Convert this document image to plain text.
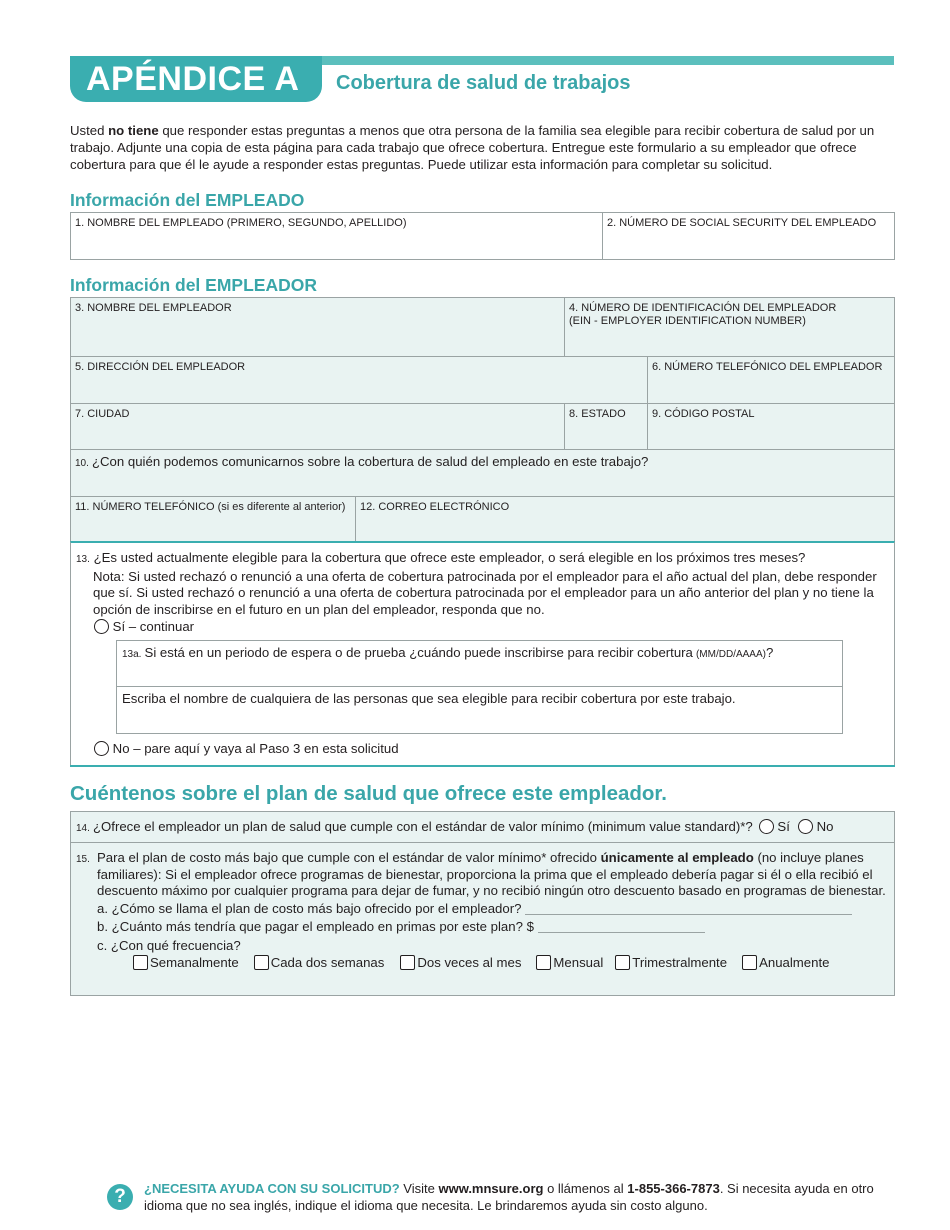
APÉNDICE A Cobertura de salud de trabajos

Usted no tiene que responder estas preguntas a menos que otra persona de la familia sea elegible para recibir cobertura de salud por un trabajo. Adjunte una copia de esta página para cada trabajo que ofrece cobertura. Entregue este formulario a su empleador que ofrece cobertura para que él le ayude a responder estas preguntas. Puede utilizar esta información para completar su solicitud.

Información del EMPLEADO
1. NOMBRE DEL EMPLEADO (PRIMERO, SEGUNDO, APELLIDO)	2. NÚMERO DE SOCIAL SECURITY DEL EMPLEADO
Información del EMPLEADOR
3. NOMBRE DEL EMPLEADOR	4. NÚMERO DE IDENTIFICACIÓN DEL EMPLEADOR
(EIN - EMPLOYER IDENTIFICATION NUMBER)
5. DIRECCIÓN DEL EMPLEADOR	6. NÚMERO TELEFÓNICO DEL EMPLEADOR
7. CIUDAD	8. ESTADO	9. CÓDIGO POSTAL
10. ¿Con quién podemos comunicarnos sobre la cobertura de salud del empleado en este trabajo?
11. NÚMERO TELEFÓNICO (si es diferente al anterior)	12. CORREO ELECTRÓNICO
13. ¿Es usted actualmente elegible para la cobertura que ofrece este empleador, o será elegible en los próximos tres meses?
Nota: Si usted rechazó o renunció a una oferta de cobertura patrocinada por el empleador para el año actual del plan, debe responder que sí. Si usted rechazó o renunció a una oferta de cobertura patrocinada por el empleador para un año anterior del plan y no tiene la opción de inscribirse en el futuro en un plan del empleador, responda que no.
Sí – continuar
13a. Si está en un periodo de espera o de prueba ¿cuándo puede inscribirse para recibir cobertura (MM/DD/AAAA)?
Escriba el nombre de cualquiera de las personas que sea elegible para recibir cobertura por este trabajo.
No – pare aquí y vaya al Paso 3 en esta solicitud
Cuéntenos sobre el plan de salud que ofrece este empleador.
14. ¿Ofrece el empleador un plan de salud que cumple con el estándar de valor mínimo (minimum value standard)*? Sí No
15. Para el plan de costo más bajo que cumple con el estándar de valor mínimo* ofrecido únicamente al empleado (no incluye planes familiares): Si el empleador ofrece programas de bienestar, proporciona la prima que el empleado debería pagar si él o ella recibió el descuento máximo por cualquier programa para dejar de fumar, y no recibió ningún otro descuento basado en programas de bienestar.
a. ¿Cómo se llama el plan de costo más bajo ofrecido por el empleador?
b. ¿Cuánto más tendría que pagar el empleado en primas por este plan? $
c. ¿Con qué frecuencia?
Semanalmente Cada dos semanas	Dos veces al mes Mensual Trimestralmente Anualmente
?	¿NECESITA AYUDA CON SU SOLICITUD? Visite www.mnsure.org o llámenos al 1-855-366-7873. Si necesita ayuda en otro idioma que no sea inglés, indique el idioma que necesita. Le brindaremos ayuda sin costo alguno.
